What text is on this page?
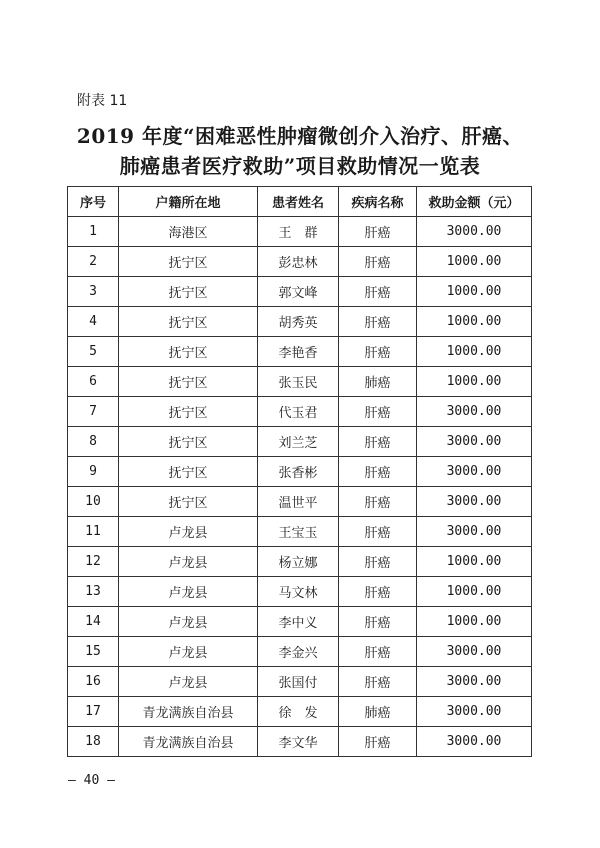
附表 11
2019 年度“困难恶性肿瘤微创介入治疗、肝癌、
肺癌患者医疗救助”项目救助情况一览表
序号	户籍所在地	患者姓名	疾病名称	救助金额（元）
1	海港区	王　群	肝癌	3000.00
2	抚宁区	彭忠林	肝癌	1000.00
3	抚宁区	郭文峰	肝癌	1000.00
4	抚宁区	胡秀英	肝癌	1000.00
5	抚宁区	李艳香	肝癌	1000.00
6	抚宁区	张玉民	肺癌	1000.00
7	抚宁区	代玉君	肝癌	3000.00
8	抚宁区	刘兰芝	肝癌	3000.00
9	抚宁区	张香彬	肝癌	3000.00
10	抚宁区	温世平	肝癌	3000.00
11	卢龙县	王宝玉	肝癌	3000.00
12	卢龙县	杨立娜	肝癌	1000.00
13	卢龙县	马文林	肝癌	1000.00
14	卢龙县	李中义	肝癌	1000.00
15	卢龙县	李金兴	肝癌	3000.00
16	卢龙县	张国付	肝癌	3000.00
17	青龙满族自治县	徐　发	肺癌	3000.00
18	青龙满族自治县	李文华	肝癌	3000.00
— 40 —
